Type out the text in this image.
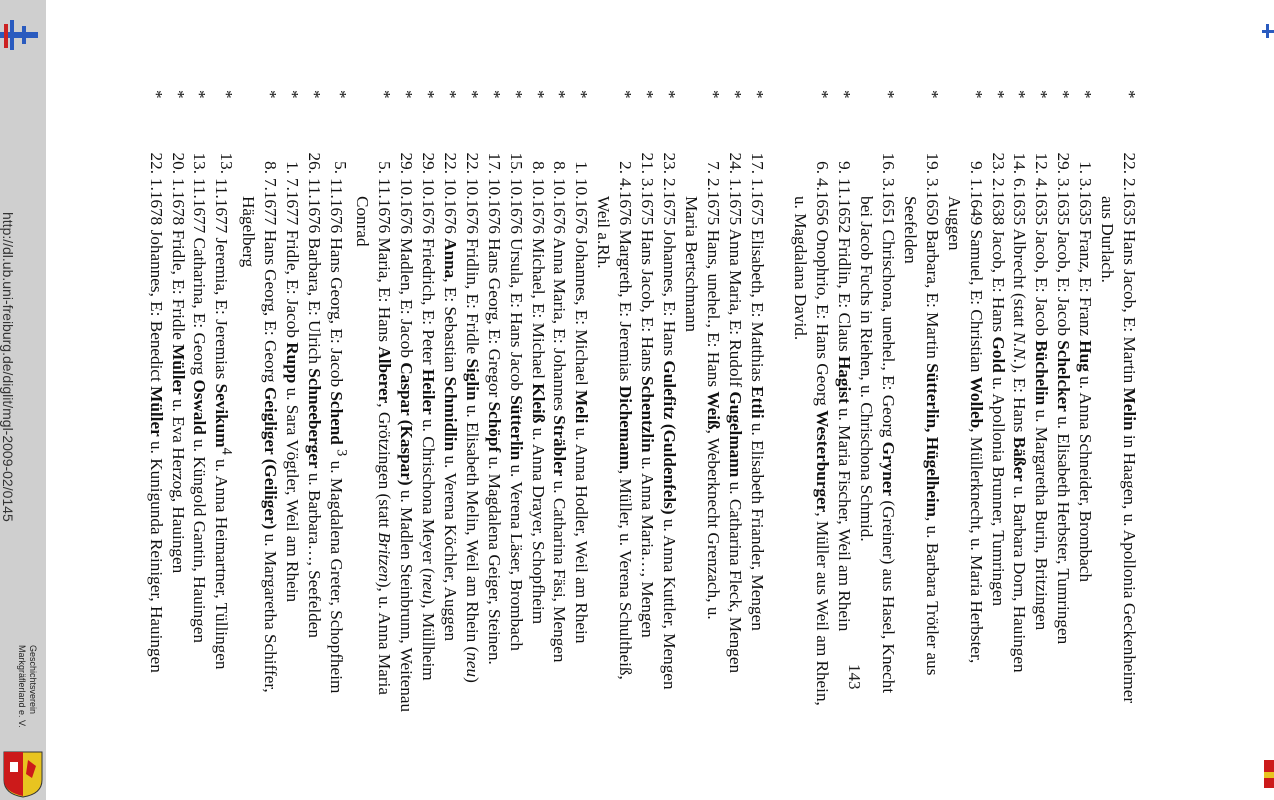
http://dl.ub.uni-freiburg.de/diglit/mgl-2009-02/0145
Geschichtsverein
Markgräflerland e. V.	143
*
22.
2.1635 Hans Jacob, E: Martin Melin in Haagen, u. Apollonia Geckenheimer
aus Durlach.
*
1.
3.1635 Franz, E: Franz Hug u. Anna Schneider, Brombach
*
29.
3.1635 Jacob, E: Jacob Schelcker u. Elisabeth Herbster, Tumringen
*
12.
4.1635 Jacob, E: Jacob Büchelin u. Margaretha Burin, Britzingen
*
14.
6.1635 Albrecht (statt N.N.), E: Hans Bäßer u. Barbara Dorn, Hauingen
*
23.
2.1638 Jacob, E: Hans Gold u. Apollonia Brunner, Tumringen
*
9.
1.1649 Samuel, E: Christian Wolleb, Müllerknecht, u. Maria Herbster,
Auggen
*
19.
3.1650 Barbara, E: Martin Sütterlin, Hügelheim, u. Barbara Trötler aus
Seefelden
*
16.
3.1651 Chrischona, unehel., E: Georg Gryner (Greiner) aus Hasel, Knecht
bei Jacob Fuchs in Riehen, u. Chrischona Schmid.
*
9.
11.1652 Fridlin, E: Claus Hagist u. Maria Fischer, Weil am Rhein
*
6.
4.1656 Onophrio, E: Hans Georg Westerburger, Müller aus Weil am Rhein,
u. Magdalana David.
*
17.
1.1675 Elisabeth, E: Matthias Ettli u. Elisabeth Friander, Mengen
*
24.
1.1675 Anna Maria, E: Rudolf Gugelmann u. Catharina Fleck, Mengen
*
7.
2.1675 Hans, unehel., E: Hans Weiß, Weberknecht Grenzach, u.
Maria Bertschmann
*
23.
2.1675 Johannes, E: Hans Gulefitz (Guldenfels) u. Anna Kuttler, Mengen
*
21.
3.1675 Hans Jacob, E: Hans Schentzlin u. Anna Maria…, Mengen
*
2.
4.1676 Margreth, E: Jeremias Dichemann, Müller, u. Verena Schultheiß,
Weil a.Rh.
*
1.
10.1676 Johannes, E: Michael Meli u. Anna Hodler, Weil am Rhein
*
8.
10.1676 Anna Maria, E: Johannes Sträbler u. Catharina Fäsi, Mengen
*
8.
10.1676 Michael, E: Michael Kleiß u. Anna Drayer, Schopfheim
*
15.
10.1676 Ursula, E: Hans Jacob Sütterlin u. Verena Läser, Brombach
*
17.
10.1676 Hans Georg, E: Gregor Schöpf u. Magdalena Geiger, Steinen.
*
22.
10.1676 Fridlin, E: Fridle Siglin u. Elisabeth Melin, Weil am Rhein (neu)
*
22.
10.1676 Anna, E: Sebastian Schmidlin u. Verena Köchler, Auggen
*
29.
10.1676 Friedrich, E: Peter Heiler u. Chrischona Meyer (neu), Müllheim
*
29.
10.1676 Madlen, E: Jacob Caspar (Kaspar) u. Madlen Steinbrunn, Weitenau
*
5.
11.1676 Maria, E: Hans Alberer, Grötzingen (statt Britzen), u. Anna Maria
Conrad
*
5.
11.1676 Hans Georg, E: Jacob Schend $^3$ u. Magdalena Greter, Schopfheim
*
26.
11.1676 Barbara, E: Ulrich Schneeberger u. Barbara…, Seefelden
*
1.
7.1677 Fridle, E: Jacob Rupp u. Sara Vögtler, Weil am Rhein
*
8.
7.1677 Hans Georg, E: Georg Geigliger (Geiliger) u. Margaretha Schiffer,
Hägelberg
*
13.
11.1677 Jeremia, E: Jeremias Sevikum$^4$ u. Anna Heimartner, Tüllingen
*
13.
11.1677 Catharina, E: Georg Oswald u. Küngold Gantin, Hauingen
*
20.
1.1678 Fridle, E: Fridle Müller u. Eva Herzog, Hauingen
*
22.
1.1678 Johannes, E: Benedict Müller u. Kunigunda Reiniger, Hauingen
